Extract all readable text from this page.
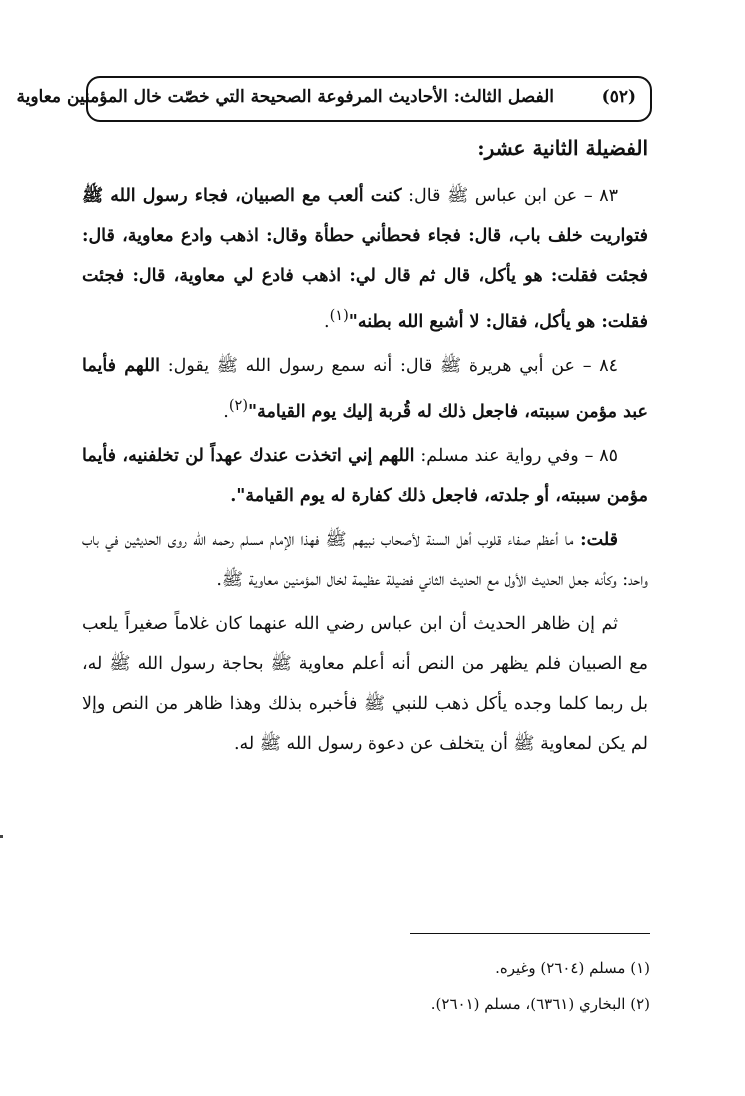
الفصل الثالث: الأحاديث المرفوعة الصحيحة التي خصّت خال المؤمنين معاوية	(٥٢)
الفضيلة الثانية عشر:

٨٣ – عن ابن عباس ﷺ قال: كنت ألعب مع الصبيان، فجاء رسول الله ﷺ فتواريت خلف باب، قال: فجاء فحطأني حطأة وقال: اذهب وادع معاوية، قال: فجئت فقلت: هو يأكل، قال ثم قال لي: اذهب فادع لي معاوية، قال: فجئت فقلت: هو يأكل، فقال: لا أشبع الله بطنه"$^{(١)}$.

٨٤ – عن أبي هريرة ﷺ قال: أنه سمع رسول الله ﷺ يقول: اللهم فأيما عبد مؤمن سببته، فاجعل ذلك له قُربة إليك يوم القيامة"$^{(٢)}$.

٨٥ – وفي رواية عند مسلم: اللهم إني اتخذت عندك عهداً لن تخلفنيه، فأيما مؤمن سببته، أو جلدته، فاجعل ذلك كفارة له يوم القيامة".

قلت: ما أعظم صفاء قلوب أهل السنة لأصحاب نبيهم ﷺ فهذا الإمام مسلم رحمه الله روى الحديثين في باب واحد: وكأنه جعل الحديث الأول مع الحديث الثاني فضيلة عظيمة لخال المؤمنين معاوية ﷺ.

ثم إن ظاهر الحديث أن ابن عباس رضي الله عنهما كان غلاماً صغيراً يلعب مع الصبيان فلم يظهر من النص أنه أعلم معاوية ﷺ بحاجة رسول الله ﷺ له، بل ربما كلما وجده يأكل ذهب للنبي ﷺ فأخبره بذلك وهذا ظاهر من النص وإلا لم يكن لمعاوية ﷺ أن يتخلف عن دعوة رسول الله ﷺ له.

(١) مسلم (٢٦٠٤) وغيره.
(٢) البخاري (٦٣٦١)، مسلم (٢٦٠١).
